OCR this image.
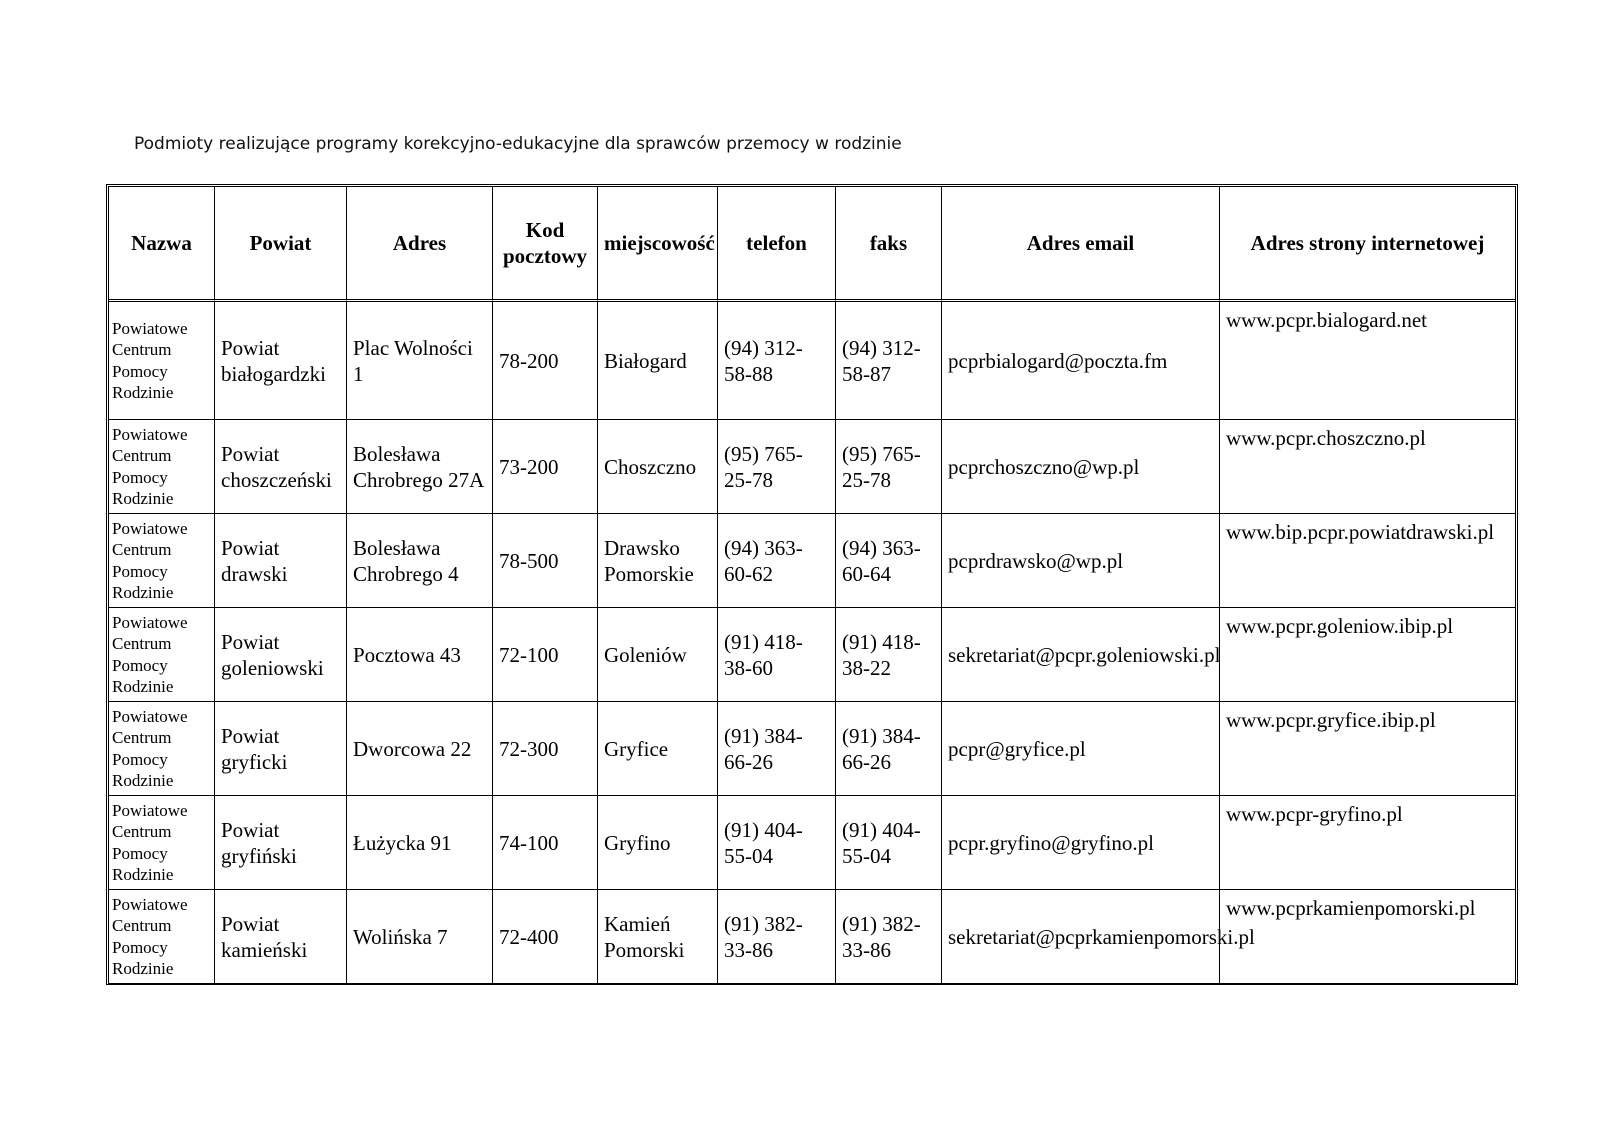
Podmioty realizujące programy korekcyjno-edukacyjne dla sprawców przemocy w rodzinie
Nazwa	Powiat	Adres	Kod pocztowy	miejscowość	telefon	faks	Adres email	Adres strony internetowej
Powiatowe Centrum Pomocy Rodzinie	Powiat białogardzki	Plac Wolności 1	78-200	Białogard	(94) 312-58-88	(94) 312-58-87	pcprbialogard@poczta.fm	www.pcpr.bialogard.net
Powiatowe Centrum Pomocy Rodzinie	Powiat choszczeński	Bolesława Chrobrego 27A	73-200	Choszczno	(95) 765-25-78	(95) 765-25-78	pcprchoszczno@wp.pl	www.pcpr.choszczno.pl
Powiatowe Centrum Pomocy Rodzinie	Powiat drawski	Bolesława Chrobrego 4	78-500	Drawsko Pomorskie	(94) 363-60-62	(94) 363-60-64	pcprdrawsko@wp.pl	www.bip.pcpr.powiatdrawski.pl
Powiatowe Centrum Pomocy Rodzinie	Powiat goleniowski	Pocztowa 43	72-100	Goleniów	(91) 418-38-60	(91) 418-38-22	sekretariat@pcpr.goleniowski.pl	www.pcpr.goleniow.ibip.pl
Powiatowe Centrum Pomocy Rodzinie	Powiat gryficki	Dworcowa 22	72-300	Gryfice	(91) 384-66-26	(91) 384-66-26	pcpr@gryfice.pl	www.pcpr.gryfice.ibip.pl
Powiatowe Centrum Pomocy Rodzinie	Powiat gryfiński	Łużycka 91	74-100	Gryfino	(91) 404-55-04	(91) 404-55-04	pcpr.gryfino@gryfino.pl	www.pcpr-gryfino.pl
Powiatowe Centrum Pomocy Rodzinie	Powiat kamieński	Wolińska 7	72-400	Kamień Pomorski	(91) 382-33-86	(91) 382-33-86	sekretariat@pcprkamienpomorski.pl	www.pcprkamienpomorski.pl
